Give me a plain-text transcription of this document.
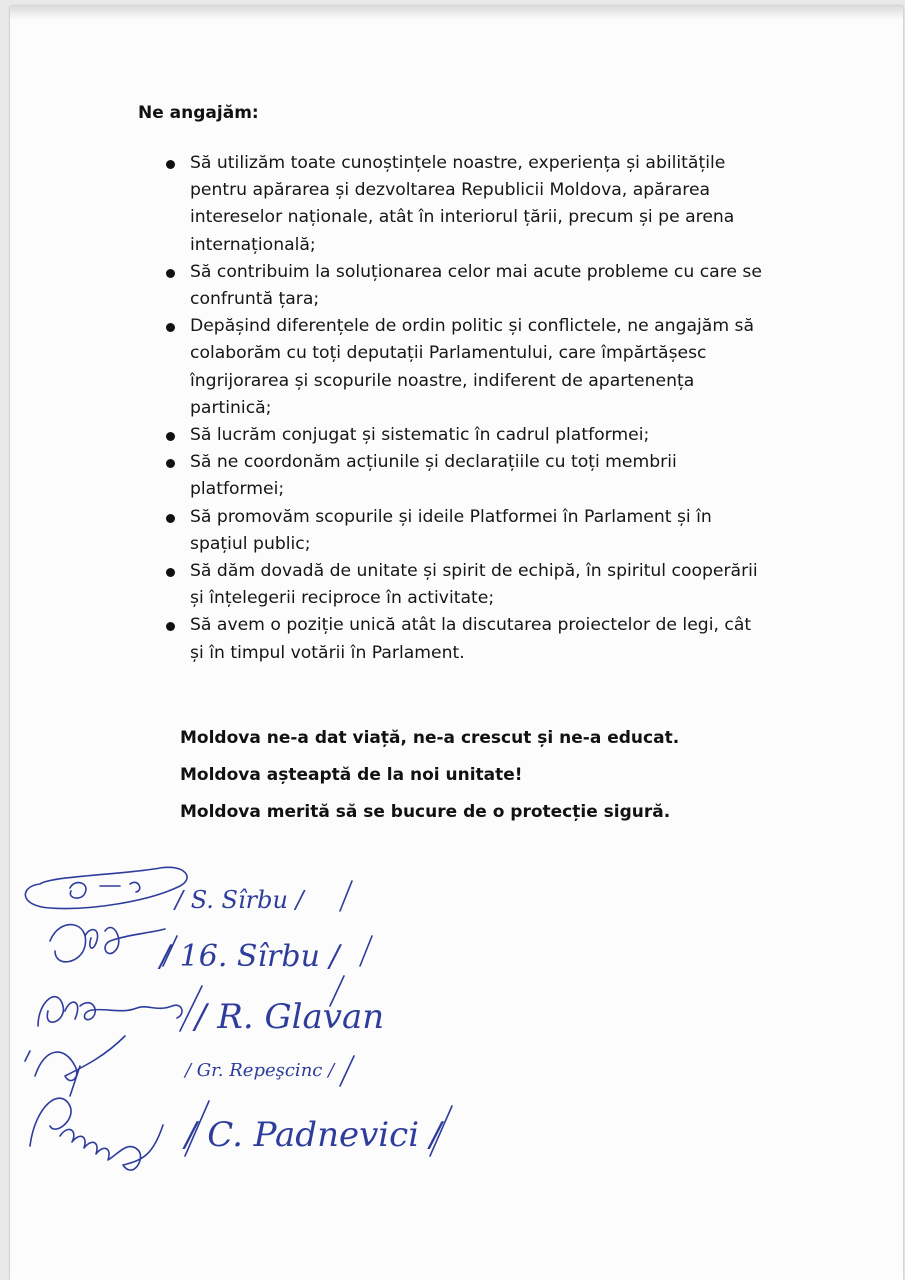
Ne angajăm:
Să utilizăm toate cunoștințele noastre, experiența și abilitățile pentru apărarea și dezvoltarea Republicii Moldova, apărarea intereselor naționale, atât în interiorul țării, precum și pe arena internațională;
Să contribuim la soluționarea celor mai acute probleme cu care se confruntă țara;
Depășind diferențele de ordin politic și conflictele, ne angajăm să colaborăm cu toți deputații Parlamentului, care împărtășesc îngrijorarea și scopurile noastre, indiferent de apartenența partinică;
Să lucrăm conjugat și sistematic în cadrul platformei;
Să ne coordonăm acțiunile și declarațiile cu toți membrii platformei;
Să promovăm scopurile și ideile Platformei în Parlament și în spațiul public;
Să dăm dovadă de unitate și spirit de echipă, în spiritul cooperării și înțelegerii reciproce în activitate;
Să avem o poziție unică atât la discutarea proiectelor de legi, cât și în timpul votării în Parlament.

Moldova ne-a dat viață, ne-a crescut și ne-a educat.

Moldova așteaptă de la noi unitate!

Moldova merită să se bucure de o protecție sigură.

/ S. Sîrbu /
/ 16. Sîrbu /
/ R. Glavan
/ Gr. Repeşcinc /
/ C. Padnevici /
